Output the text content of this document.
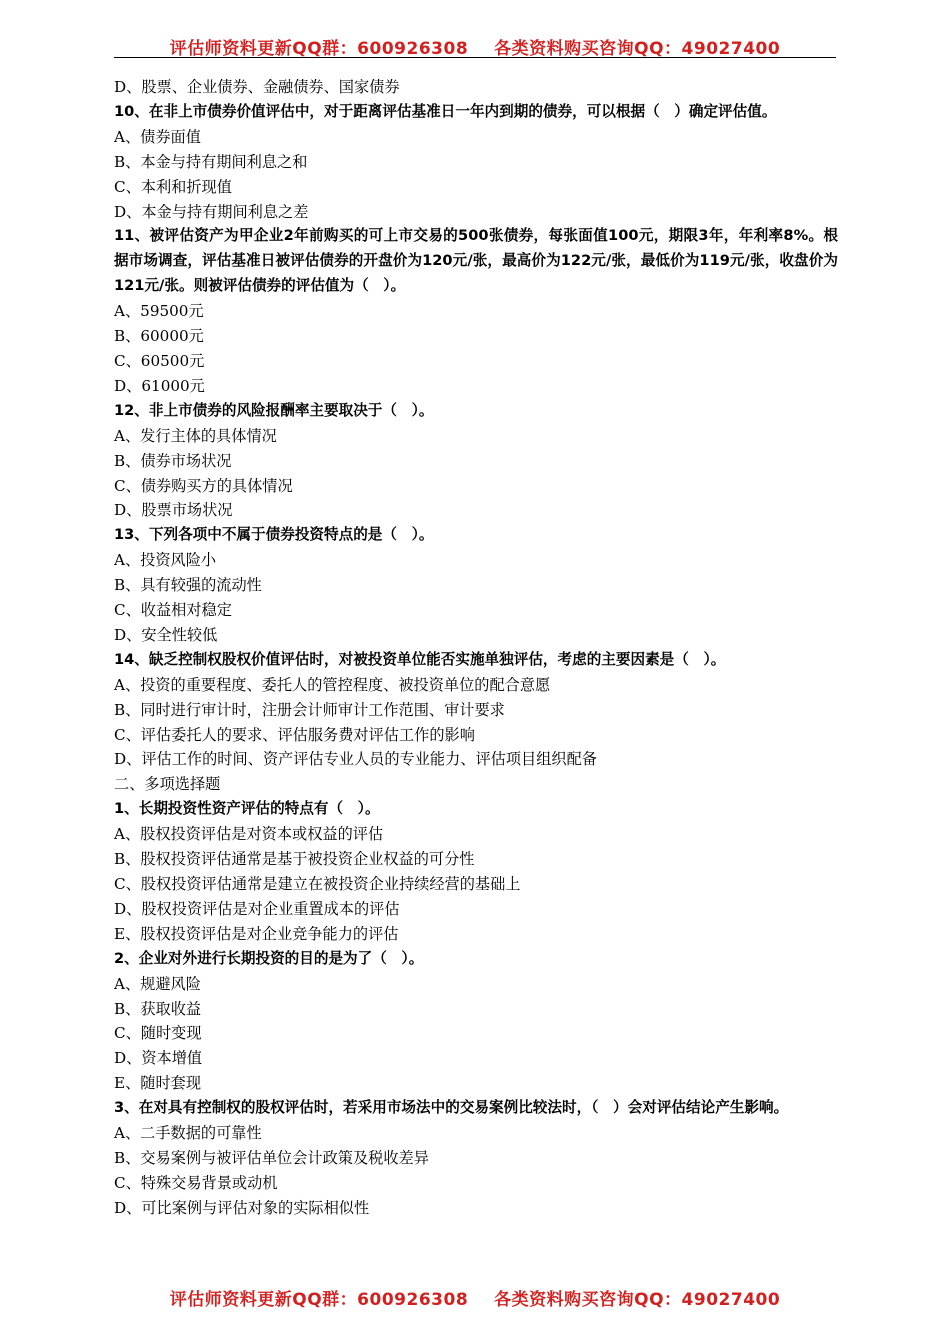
评估师资料更新QQ群：600926308 各类资料购买咨询QQ：49027400
D、股票、企业债券、金融债券、国家债券
10、在非上市债券价值评估中，对于距离评估基准日一年内到期的债券，可以根据（　）确定评估值。
A、债券面值
B、本金与持有期间利息之和
C、本利和折现值
D、本金与持有期间利息之差
11、被评估资产为甲企业2年前购买的可上市交易的500张债券，每张面值100元，期限3年，年利率8%。根据市场调查，评估基准日被评估债券的开盘价为120元/张，最高价为122元/张，最低价为119元/张，收盘价为121元/张。则被评估债券的评估值为（　）。
A、59500元
B、60000元
C、60500元
D、61000元
12、非上市债券的风险报酬率主要取决于（　）。
A、发行主体的具体情况
B、债券市场状况
C、债券购买方的具体情况
D、股票市场状况
13、下列各项中不属于债券投资特点的是（　）。
A、投资风险小
B、具有较强的流动性
C、收益相对稳定
D、安全性较低
14、缺乏控制权股权价值评估时，对被投资单位能否实施单独评估，考虑的主要因素是（　）。
A、投资的重要程度、委托人的管控程度、被投资单位的配合意愿
B、同时进行审计时，注册会计师审计工作范围、审计要求
C、评估委托人的要求、评估服务费对评估工作的影响
D、评估工作的时间、资产评估专业人员的专业能力、评估项目组织配备
二、多项选择题
1、长期投资性资产评估的特点有（　）。
A、股权投资评估是对资本或权益的评估
B、股权投资评估通常是基于被投资企业权益的可分性
C、股权投资评估通常是建立在被投资企业持续经营的基础上
D、股权投资评估是对企业重置成本的评估
E、股权投资评估是对企业竞争能力的评估
2、企业对外进行长期投资的目的是为了（　）。
A、规避风险
B、获取收益
C、随时变现
D、资本增值
E、随时套现
3、在对具有控制权的股权评估时，若采用市场法中的交易案例比较法时，（　）会对评估结论产生影响。
A、二手数据的可靠性
B、交易案例与被评估单位会计政策及税收差异
C、特殊交易背景或动机
D、可比案例与评估对象的实际相似性
评估师资料更新QQ群：600926308 各类资料购买咨询QQ：49027400
